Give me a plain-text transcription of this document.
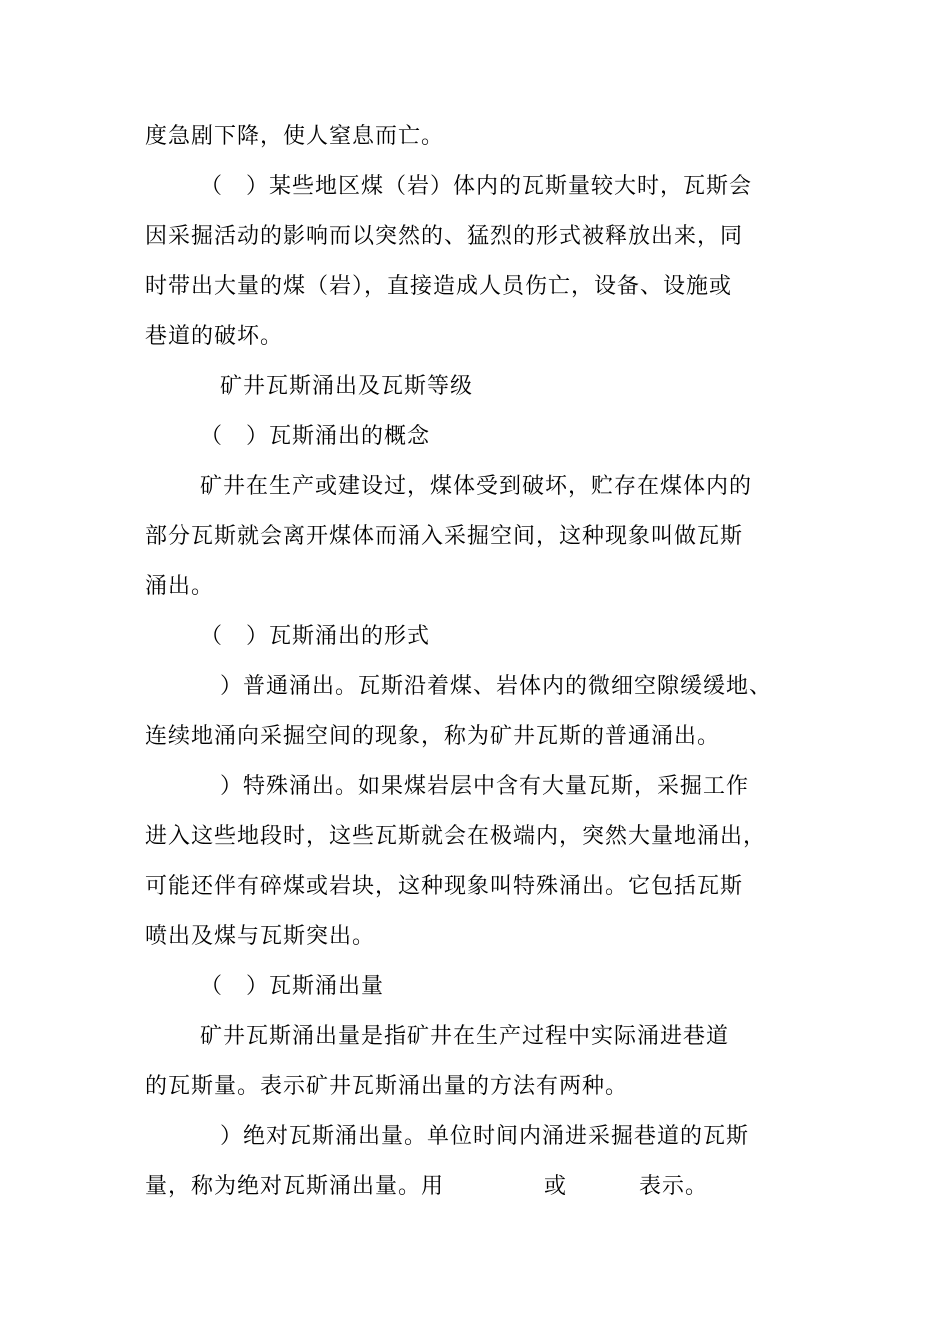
度急剧下降，使人窒息而亡。
（　）某些地区煤（岩）体内的瓦斯量较大时，瓦斯会
因采掘活动的影响而以突然的、猛烈的形式被释放出来，同
时带出大量的煤（岩），直接造成人员伤亡，设备、设施或
巷道的破坏。
矿井瓦斯涌出及瓦斯等级
（　）瓦斯涌出的概念
矿井在生产或建设过，煤体受到破坏，贮存在煤体内的
部分瓦斯就会离开煤体而涌入采掘空间，这种现象叫做瓦斯
涌出。
（　）瓦斯涌出的形式
）普通涌出。瓦斯沿着煤、岩体内的微细空隙缓缓地、
连续地涌向采掘空间的现象，称为矿井瓦斯的普通涌出。
）特殊涌出。如果煤岩层中含有大量瓦斯，采掘工作
进入这些地段时，这些瓦斯就会在极端内，突然大量地涌出，
可能还伴有碎煤或岩块，这种现象叫特殊涌出。它包括瓦斯
喷出及煤与瓦斯突出。
（　）瓦斯涌出量
矿井瓦斯涌出量是指矿井在生产过程中实际涌进巷道
的瓦斯量。表示矿井瓦斯涌出量的方法有两种。
）绝对瓦斯涌出量。单位时间内涌进采掘巷道的瓦斯
量，称为绝对瓦斯涌出量。用	或	表示。
